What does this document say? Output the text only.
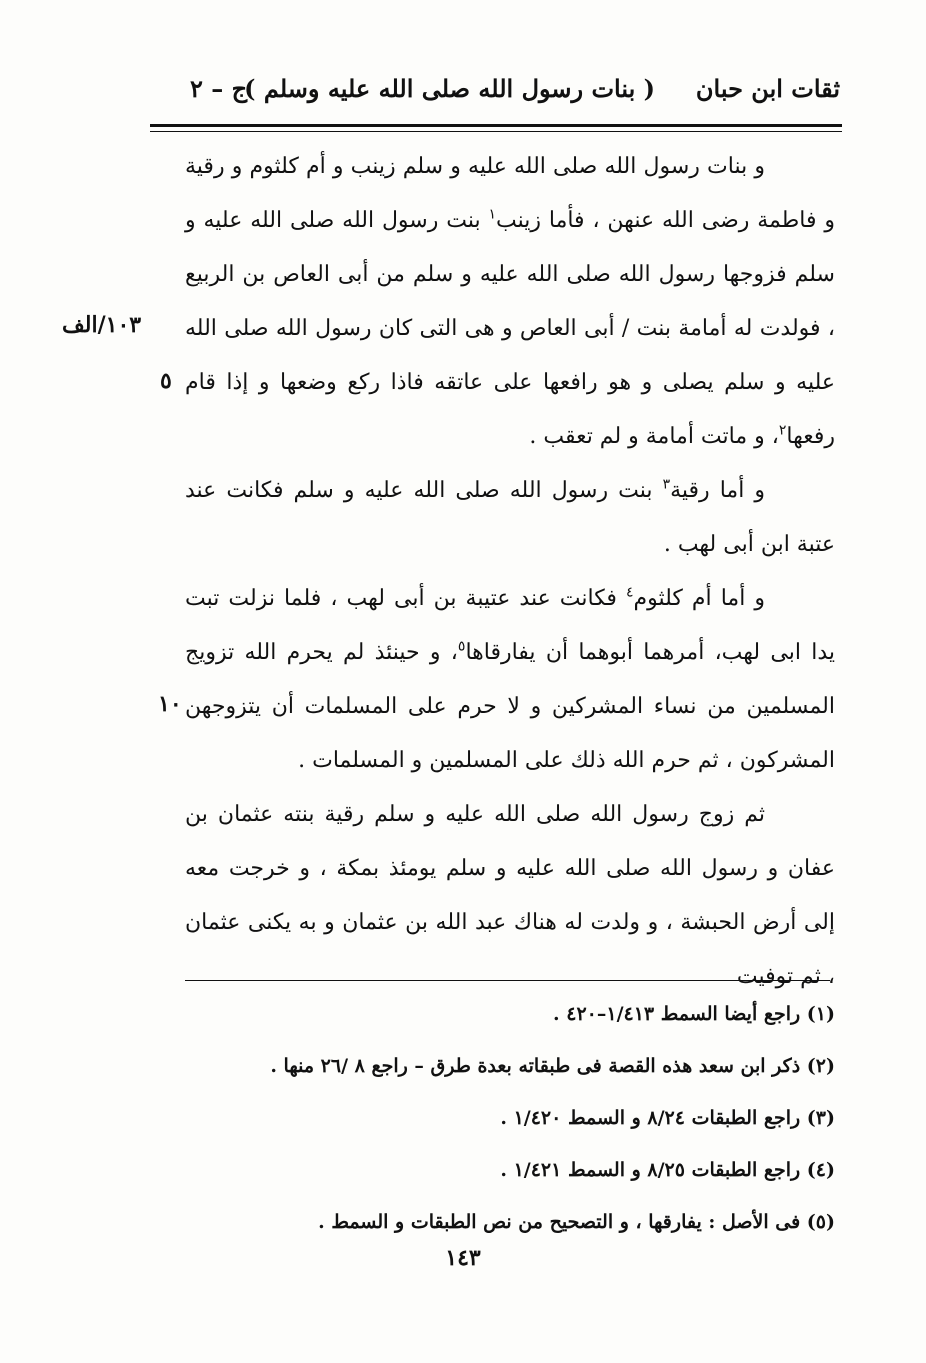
ثقات ابن حبان
( بنات رسول الله صلى الله عليه وسلم )
ج – ٢
١٠٣/الف
٥
١٠

و بنات رسول الله صلى الله عليه و سلم زينب و أم كلثوم و رقية و فاطمة رضى الله عنهن ، فأما زينب$^١$ بنت رسول الله صلى الله عليه و سلم فزوجها رسول الله صلى الله عليه و سلم من أبى العاص بن الربيع ، فولدت له أمامة بنت / أبى العاص و هى التى كان رسول الله صلى الله عليه و سلم يصلى و هو رافعها على عاتقه فاذا ركع وضعها و إذا قام رفعها$^٢$، و ماتت أمامة و لم تعقب .

و أما رقية$^٣$ بنت رسول الله صلى الله عليه و سلم فكانت عند عتبة ابن أبى لهب .

و أما أم كلثوم$^٤$ فكانت عند عتيبة بن أبى لهب ، فلما نزلت تبت يدا ابى لهب، أمرهما أبوهما أن يفارقاها$^٥$، و حينئذ لم يحرم الله تزويج المسلمين من نساء المشركين و لا حرم على المسلمات أن يتزوجهن المشركون ، ثم حرم الله ذلك على المسلمين و المسلمات .

ثم زوج رسول الله صلى الله عليه و سلم رقية بنته عثمان بن عفان و رسول الله صلى الله عليه و سلم يومئذ بمكة ، و خرجت معه إلى أرض الحبشة ، و ولدت له هناك عبد الله بن عثمان و به يكنى عثمان ، ثم توفيت

(١) راجع أيضا السمط ١/٤١٣–٤٢٠ .
(٢) ذكر ابن سعد هذه القصة فى طبقاته بعدة طرق – راجع ٨ /٢٦ منها .
(٣) راجع الطبقات ٨/٢٤ و السمط ١/٤٢٠ .
(٤) راجع الطبقات ٨/٢٥ و السمط ١/٤٢١ .
(٥) فى الأصل : يفارقها ، و التصحيح من نص الطبقات و السمط .
١٤٣
